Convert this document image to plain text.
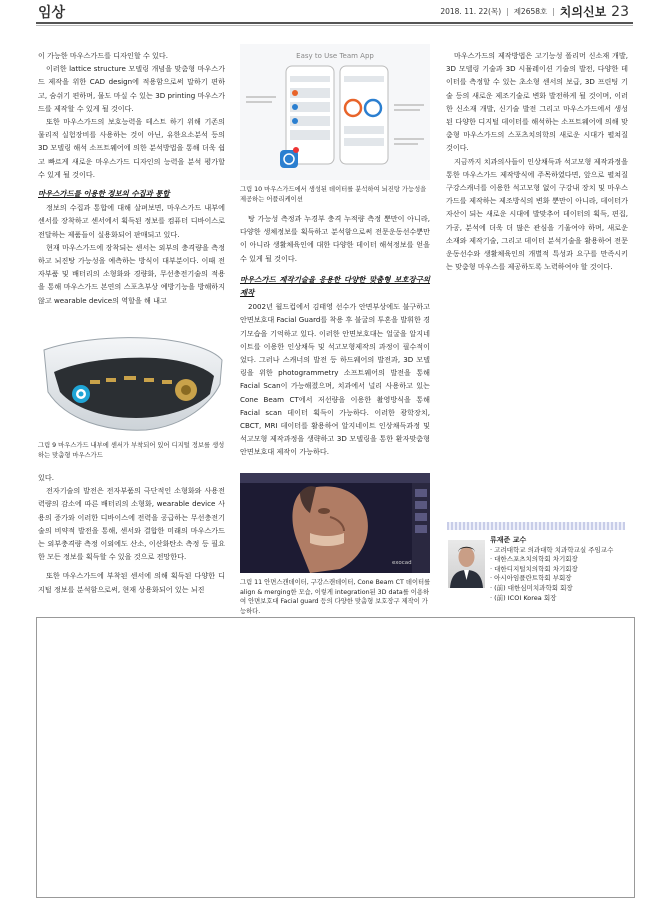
임상	2018. 11. 22(목) | 제2658호 | 치의신보 23

이 가능한 마우스가드를 디자인할 수 있다.

이러한 lattice structure 모델링 개념을 맞춤형 마우스가드 제작을 위한 CAD design에 적용함으로써 말하기 편하고, 숨쉬기 편하며, 물도 마실 수 있는 3D printing 마우스가드를 제작할 수 있게 될 것이다.

또한 마우스가드의 보호능력을 테스트 하기 위해 기존의 물리적 실험장비를 사용하는 것이 아닌, 유한요소분석 등의 3D 모델링 해석 소프트웨어에 의한 분석방법을 통해 더욱 쉽고 빠르게 새로운 마우스가드 디자인의 능력을 분석 평가할 수 있게 될 것이다.

마우스가드를 이용한 정보의 수집과 통합

정보의 수집과 통합에 대해 살펴보면, 마우스가드 내부에 센서를 장착하고 센서에서 획득된 정보를 컴퓨터 디바이스로 전달하는 제품들이 실용화되어 판매되고 있다.

현재 마우스가드에 장착되는 센서는 외부의 충격량을 측정하고 뇌진탕 가능성을 예측하는 방식이 대부분이다. 이때 전자부품 및 배터리의 소형화와 경량화, 무선충전기술의 적용을 통해 마우스가드 본연의 스포츠부상 예방기능을 방해하지 않고 wearable device의 역할을 해 내고

그림 9 마우스가드 내부에 센서가 부착되어 있어 디지털 정보를 생성하는 맞춤형 마우스가드

있다.

전자기술의 발전은 전자부품의 극단적인 소형화와 사용전력량의 감소에 따른 배터리의 소형화, wearable device 사용의 증가와 이러한 디바이스에 전력을 공급하는 무선충전기술의 비약적 발전을 통해, 센서와 결합한 미래의 마우스가드는 외부충격량 측정 이외에도 산소, 이산화탄소 측정 등 필요한 모든 정보를 획득할 수 있을 것으로 전망한다.

또한 마우스가드에 부착된 센서에 의해 획득된 다양한 디지털 정보를 분석함으로써, 현재 상용화되어 있는 뇌진

Easy to Use Team App
그림 10 마우스가드에서 생성된 데이터를 분석하여 뇌진탕 가능성을 제공하는 어플리케이션

탕 가능성 측정과 누경부 충격 누적량 측정 뿐만이 아니라, 다양한 생체정보를 획득하고 분석함으로써 전문운동선수뿐만이 아니라 생활체육인에 대한 다양한 데이터 해석정보를 얻을 수 있게 될 것이다.

마우스가드 제작기술을 응용한 다양한 맞춤형 보호장구의 제작

2002년 월드컵에서 김태영 선수가 안면부상에도 불구하고 안면보호대 Facial Guard를 착용 후 불굴의 투혼을 발휘한 경기모습을 기억하고 있다. 이러한 안면보호대는 얼굴을 알지네이트를 이용한 인상채득 및 석고모형제작의 과정이 필수적이었다. 그러나 스캐너의 발전 등 하드웨어의 발전과, 3D 모델링을 위한 photogrammetry 소프트웨어의 발전을 통해 Facial Scan이 가능해졌으며, 치과에서 널리 사용하고 있는 Cone Beam CT에서 저선량을 이용한 촬영방식을 통해 Facial scan 데이터 획득이 가능하다. 이러한 광학장치, CBCT, MRI 데이터를 활용하여 알지네이트 인상채득과정 및 석고모형 제작과정을 생략하고 3D 모델링을 통한 환자맞춤형 안면보호대 제작이 가능하다.

exocad
그림 11 안면스캔데이터, 구강스캔데이터, Cone Beam CT 데이터를 align & merging한 모습, 이렇게 integration된 3D data를 이용하여 안면보호대 Facial guard 등의 다양한 맞춤형 보호장구 제작이 가능하다.

마우스가드의 제작방법은 고기능성 폴리머 신소재 개발, 3D 모델링 기술과 3D 시뮬레이션 기술의 발전, 다양한 데이터를 측정할 수 있는 초소형 센서의 보급, 3D 프린팅 기술 등의 새로운 제조기술로 변화 발전하게 될 것이며, 이러한 신소재 개발, 신기술 발전 그리고 마우스가드에서 생성된 다양한 디지털 데이터를 해석하는 소프트웨어에 의해 맞춤형 마우스가드의 스포츠치의학의 새로운 시대가 펼쳐질 것이다.

지금까지 치과의사들이 인상채득과 석고모형 제작과정을 통한 마우스가드 제작방식에 주목하였다면, 앞으로 펼쳐질 구강스캐너를 이용한 석고모형 없이 구강내 장치 및 마우스가드를 제작하는 제조방식의 변화 뿐만이 아니라, 데이터가 자산이 되는 새로운 시대에 발맞추어 데이터의 획득, 편집, 가공, 분석에 더욱 더 많은 관심을 기울여야 하며, 새로운 소재와 제작기술, 그리고 데이터 분석기술을 활용하여 전문운동선수와 생활체육인의 개별적 특성과 요구를 만족시키는 맞춤형 마우스를 제공하도록 노력하여야 할 것이다.

류재준 교수
· 고려대학교 의과대학 치과학교실 주임교수
· 대한스포츠치의학회 차기회장
· 대한디지털치의학회 차기회장
· 아시아임플란트학회 부회장
· (前) 대한심미치과학회 회장
· (前) ICOI Korea 회장
